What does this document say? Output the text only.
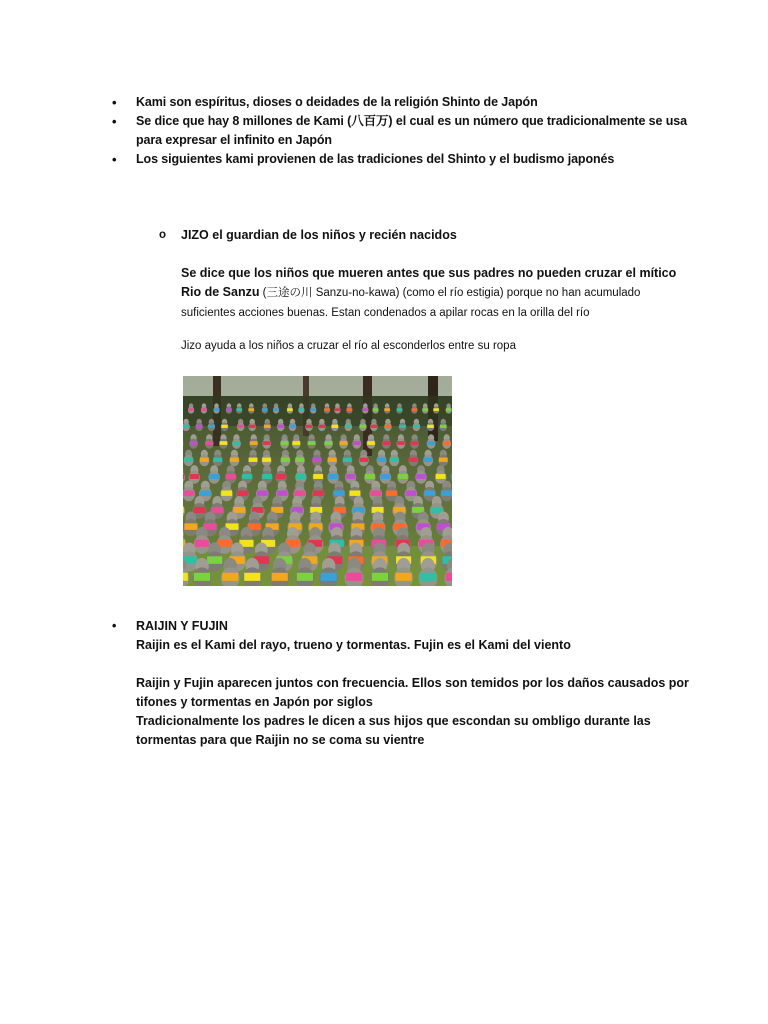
• Kami son espíritus, dioses o deidades de la religión Shinto de Japón
• Se dice que hay 8 millones de Kami (八百万) el cual es un número que tradicionalmente se usa para expresar el infinito en Japón
• Los siguientes kami provienen de las tradiciones del Shinto y el budismo japonés
o JIZO el guardian de los niños y recién nacidos
Se dice que los niños que mueren antes que sus padres no pueden cruzar el mítico Rio de Sanzu (三途の川 Sanzu-no-kawa) (como el río estigia) porque no han acumulado suficientes acciones buenas. Estan condenados a apilar rocas en la orilla del río
Jizo ayuda a los niños a cruzar el río al esconderlos entre su ropa
• RAIJIN Y FUJIN
Raijin es el Kami del rayo, trueno y tormentas. Fujin es el Kami del viento
Raijin y Fujin aparecen juntos con frecuencia. Ellos son temidos por los daños causados por tifones y tormentas en Japón por siglos
Tradicionalmente los padres le dicen a sus hijos que escondan su ombligo durante las tormentas para que Raijin no se coma su vientre
